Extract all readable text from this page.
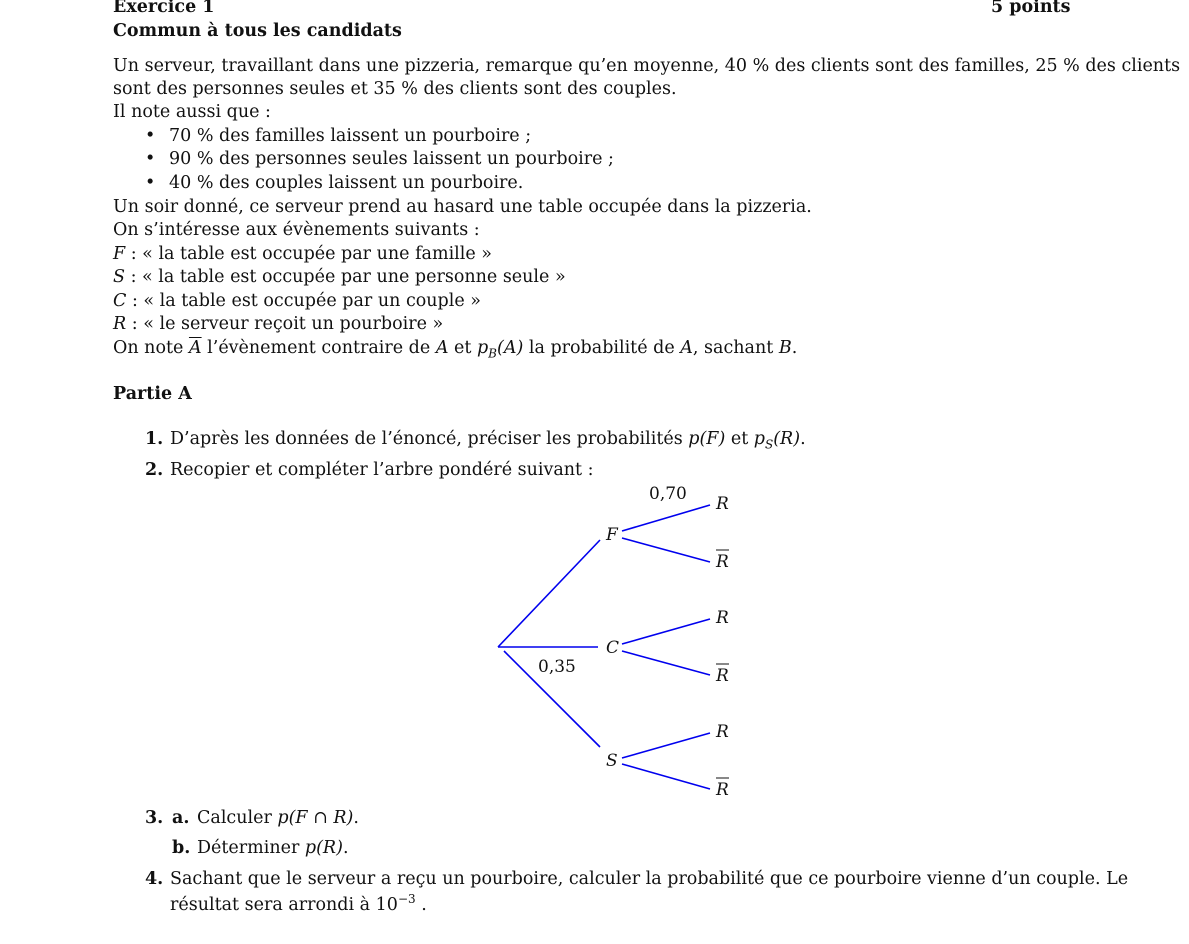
Exercice 1	5 points
Commun à tous les candidats
Un serveur, travaillant dans une pizzeria, remarque qu’en moyenne, 40 % des clients sont des familles, 25 % des clients
sont des personnes seules et 35 % des clients sont des couples.
Il note aussi que :
• 70 % des familles laissent un pourboire ;
• 90 % des personnes seules laissent un pourboire ;
• 40 % des couples laissent un pourboire.
Un soir donné, ce serveur prend au hasard une table occupée dans la pizzeria.
On s’intéresse aux évènements suivants :
F : « la table est occupée par une famille »
S : « la table est occupée par une personne seule »
C : « la table est occupée par un couple »
R : « le serveur reçoit un pourboire »
On note $\overline{A}$ l’évènement contraire de A et $p_B(A)$ la probabilité de A, sachant B.
Partie A
1. D’après les données de l’énoncé, préciser les probabilités p(F) et $p_S(R)$.
2. Recopier et compléter l’arbre pondéré suivant :
F
C
S
R
R
R
R
R
R
0,70
0,35
3. a. Calculer p(F ∩ R).
b. Déterminer p(R).
4. Sachant que le serveur a reçu un pourboire, calculer la probabilité que ce pourboire vienne d’un couple. Le
résultat sera arrondi à $10^{-3}$ .
